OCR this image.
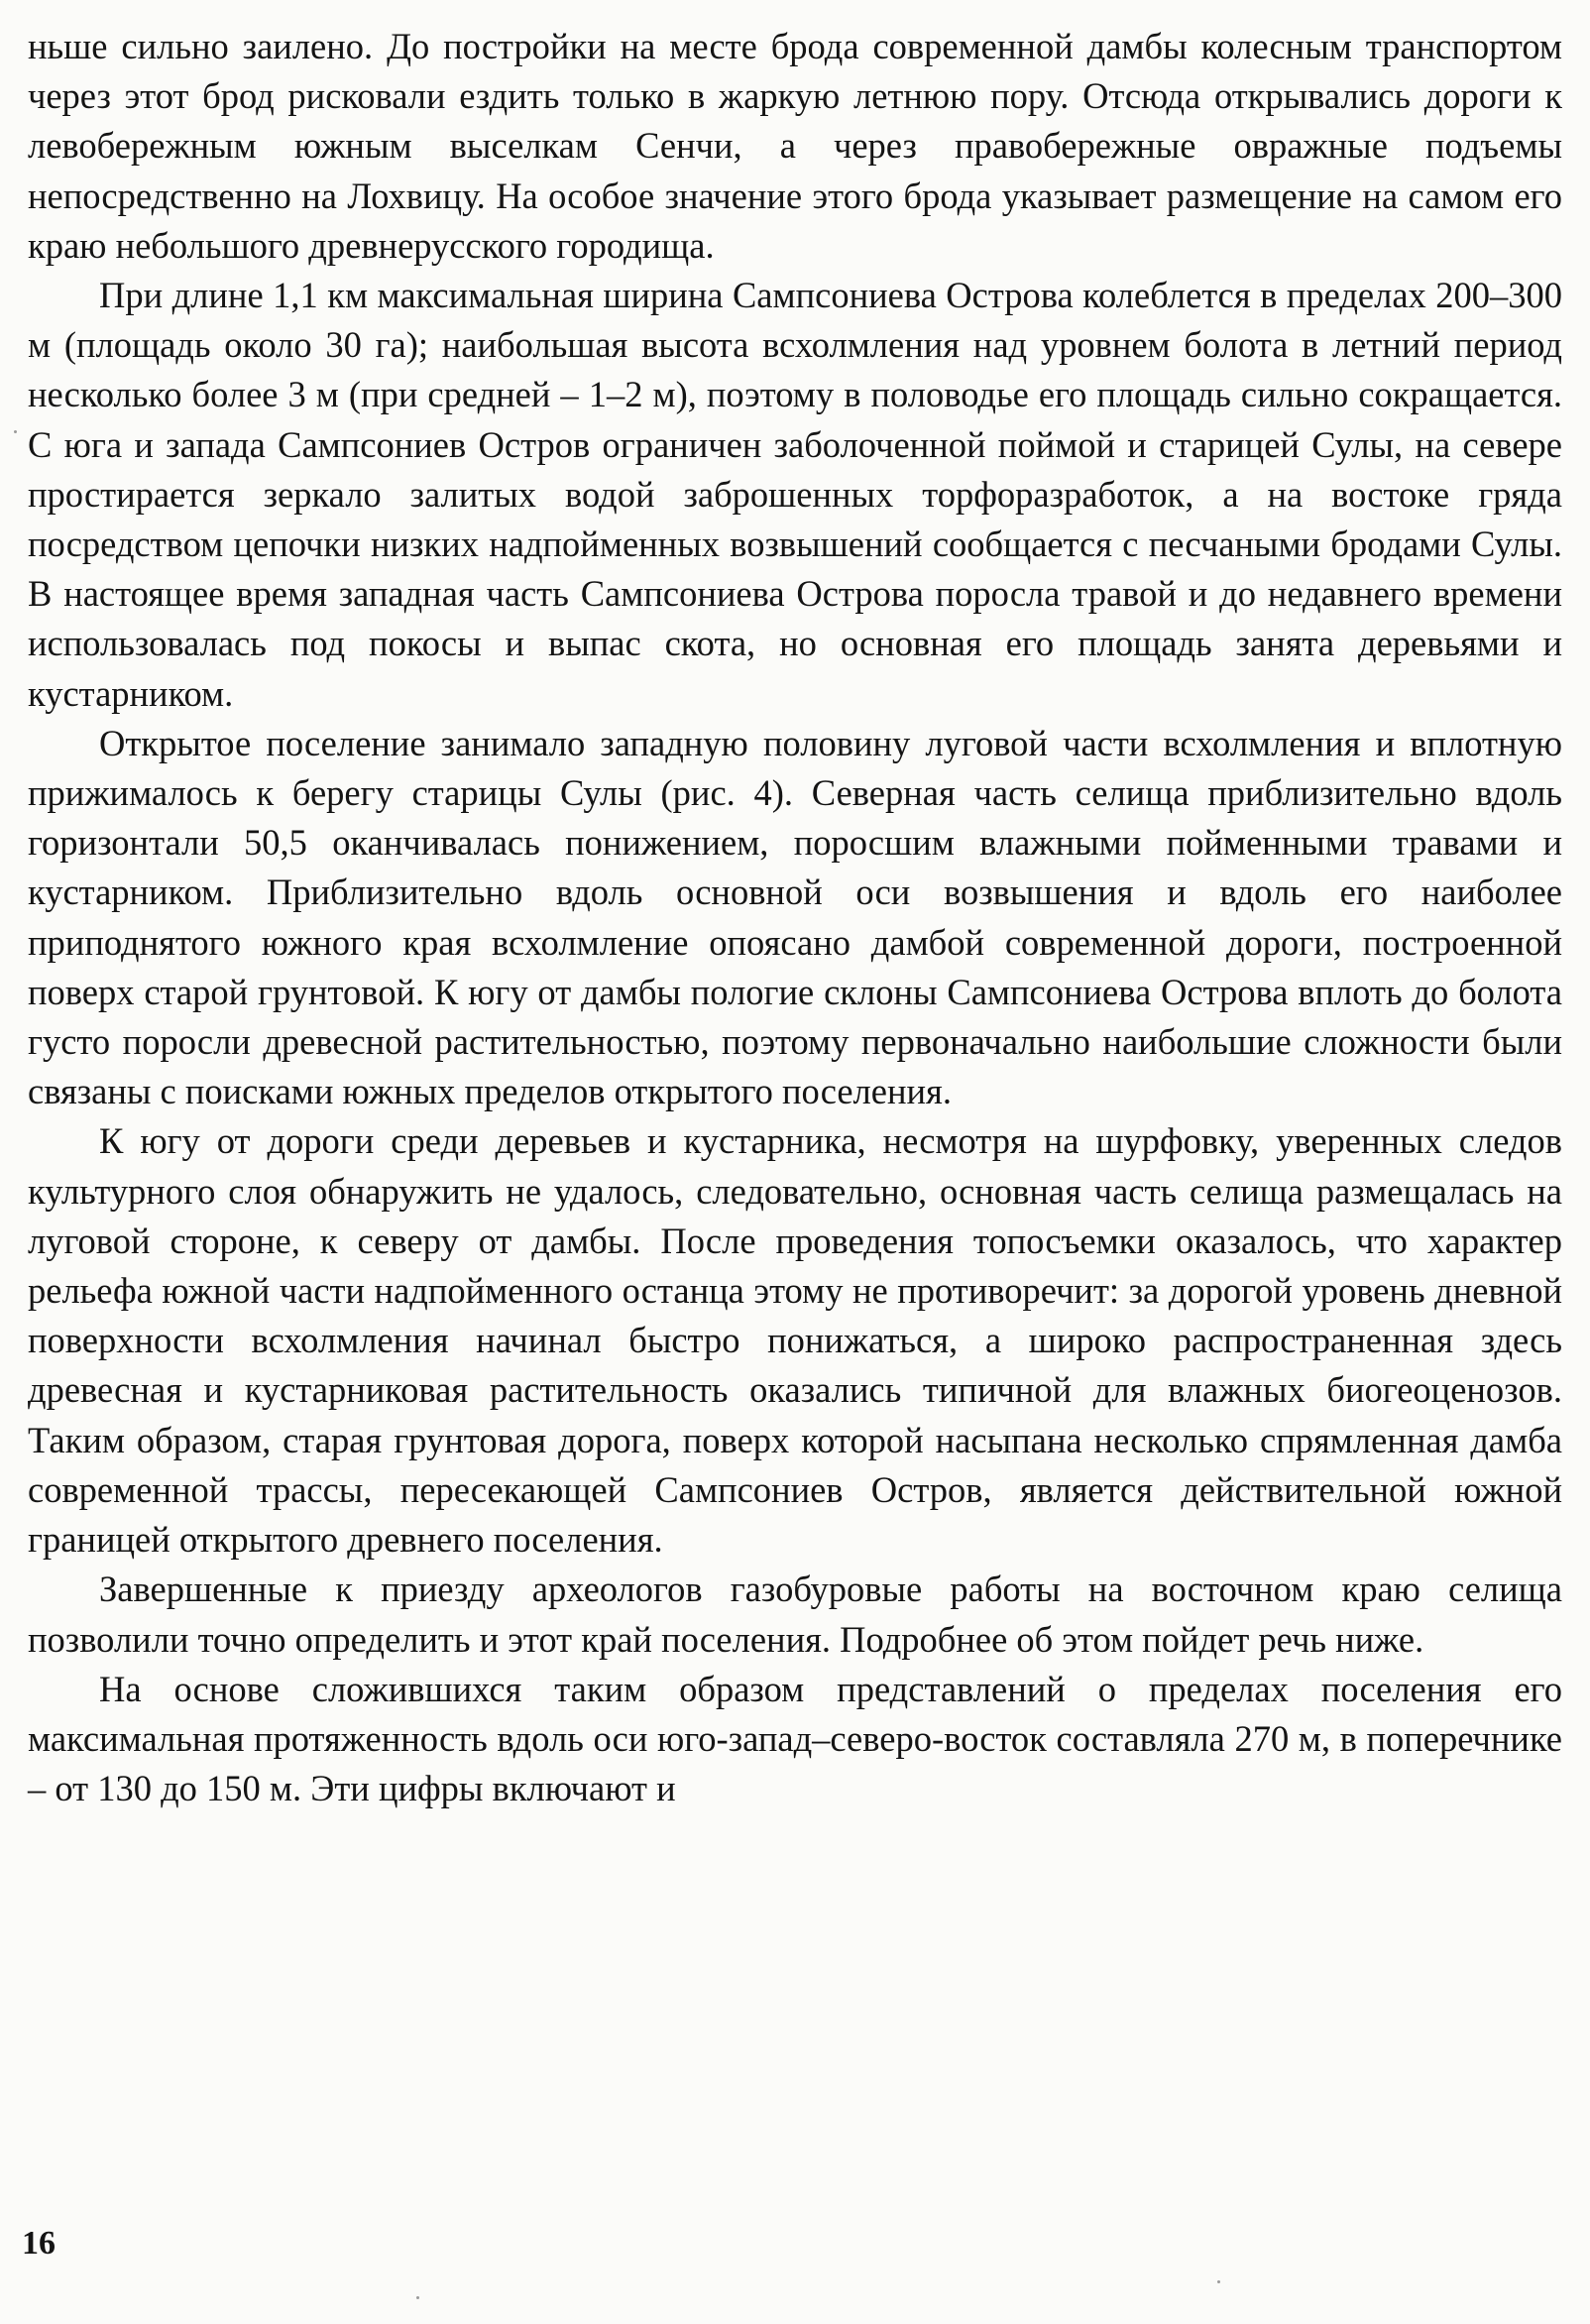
ньше сильно заилено. До постройки на месте брода современной дамбы колесным транспортом через этот брод рисковали ездить только в жаркую летнюю пору. Отсюда открывались дороги к левобережным южным выселкам Сенчи, а через правобережные овражные подъемы непосредственно на Лохвицу. На особое значение этого брода указывает размещение на самом его краю небольшого древнерусского городища.

При длине 1,1 км максимальная ширина Сампсониева Острова колеблется в пределах 200–300 м (площадь около 30 га); наибольшая высота всхолмления над уровнем болота в летний период несколько более 3 м (при средней – 1–2 м), поэтому в половодье его площадь сильно сокращается. С юга и запада Сампсониев Остров ограничен заболоченной поймой и старицей Сулы, на севере простирается зеркало залитых водой заброшенных торфоразработок, а на востоке гряда посредством цепочки низких надпойменных возвышений сообщается с песчаными бродами Сулы. В настоящее время западная часть Сампсониева Острова поросла травой и до недавнего времени использовалась под покосы и выпас скота, но основная его площадь занята деревьями и кустарником.

Открытое поселение занимало западную половину луговой части всхолмления и вплотную прижималось к берегу старицы Сулы (рис. 4). Северная часть селища приблизительно вдоль горизонтали 50,5 оканчивалась понижением, поросшим влажными пойменными травами и кустарником. Приблизительно вдоль основной оси возвышения и вдоль его наиболее приподнятого южного края всхолмление опоясано дамбой современной дороги, построенной поверх старой грунтовой. К югу от дамбы пологие склоны Сампсониева Острова вплоть до болота густо поросли древесной растительностью, поэтому первоначально наибольшие сложности были связаны с поисками южных пределов открытого поселения.

К югу от дороги среди деревьев и кустарника, несмотря на шурфовку, уверенных следов культурного слоя обнаружить не удалось, следовательно, основная часть селища размещалась на луговой стороне, к северу от дамбы. После проведения топосъемки оказалось, что характер рельефа южной части надпойменного останца этому не противоречит: за дорогой уровень дневной поверхности всхолмления начинал быстро понижаться, а широко распространенная здесь древесная и кустарниковая растительность оказались типичной для влажных биогеоценозов. Таким образом, старая грунтовая дорога, поверх которой насыпана несколько спрямленная дамба современной трассы, пересекающей Сампсониев Остров, является действительной южной границей открытого древнего поселения.

Завершенные к приезду археологов газобуровые работы на восточном краю селища позволили точно определить и этот край поселения. Подробнее об этом пойдет речь ниже.

На основе сложившихся таким образом представлений о пределах поселения его максимальная протяженность вдоль оси юго-запад–северо-восток составляла 270 м, в поперечнике – от 130 до 150 м. Эти цифры включают и

16
